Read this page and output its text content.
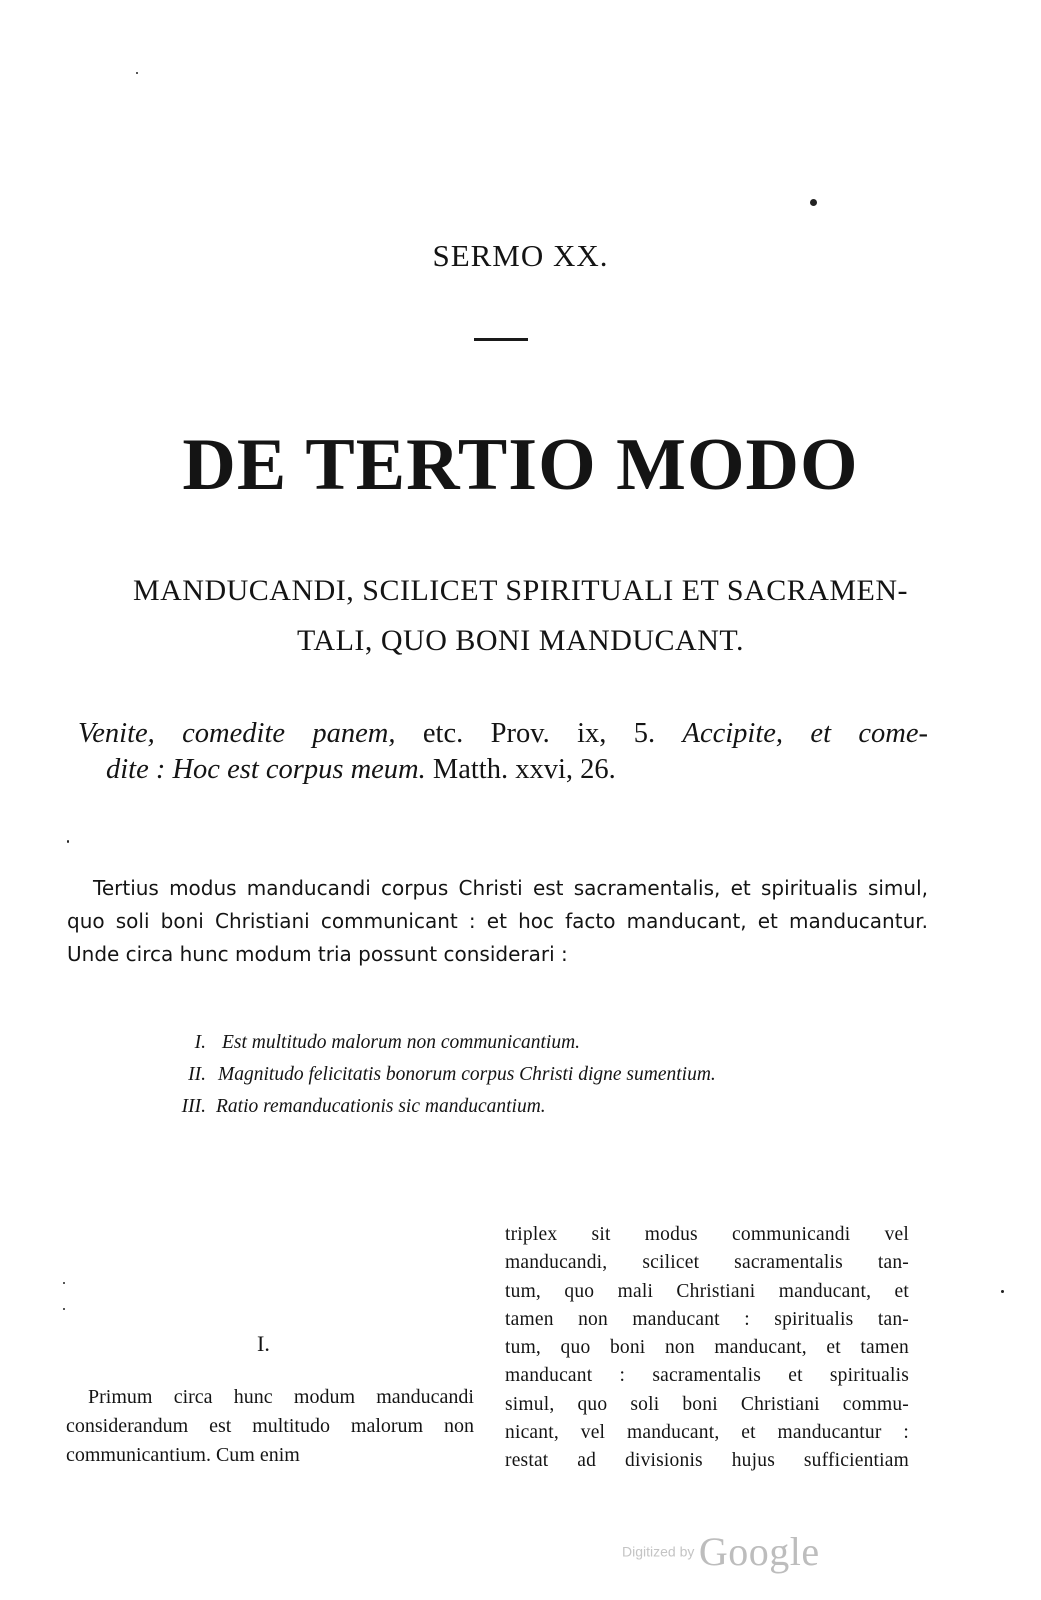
SERMO XX.
DE TERTIO MODO
MANDUCANDI, SCILICET SPIRITUALI ET SACRAMEN-
TALI, QUO BONI MANDUCANT.
Venite, comedite panem, etc. Prov. ix, 5. Accipite, et come-
dite : Hoc est corpus meum. Matth. xxvi, 26.
Tertius modus manducandi corpus Christi est sacramentalis, et spiritualis simul, quo soli boni Christiani communicant : et hoc facto manducant, et manducantur. Unde circa hunc modum tria possunt considerari :
I. Est multitudo malorum non communicantium.
II. Magnitudo felicitatis bonorum corpus Christi digne sumentium.
III. Ratio remanducationis sic manducantium.
I.
Primum circa hunc modum manducandi considerandum est multitudo malorum non communicantium. Cum enim
triplex sit modus communicandi vel
manducandi, scilicet sacramentalis tan-
tum, quo mali Christiani manducant, et
tamen non manducant : spiritualis tan-
tum, quo boni non manducant, et tamen
manducant : sacramentalis et spiritualis
simul, quo soli boni Christiani commu-
nicant, vel manducant, et manducantur :
restat ad divisionis hujus sufficientiam
Digitized by Google
